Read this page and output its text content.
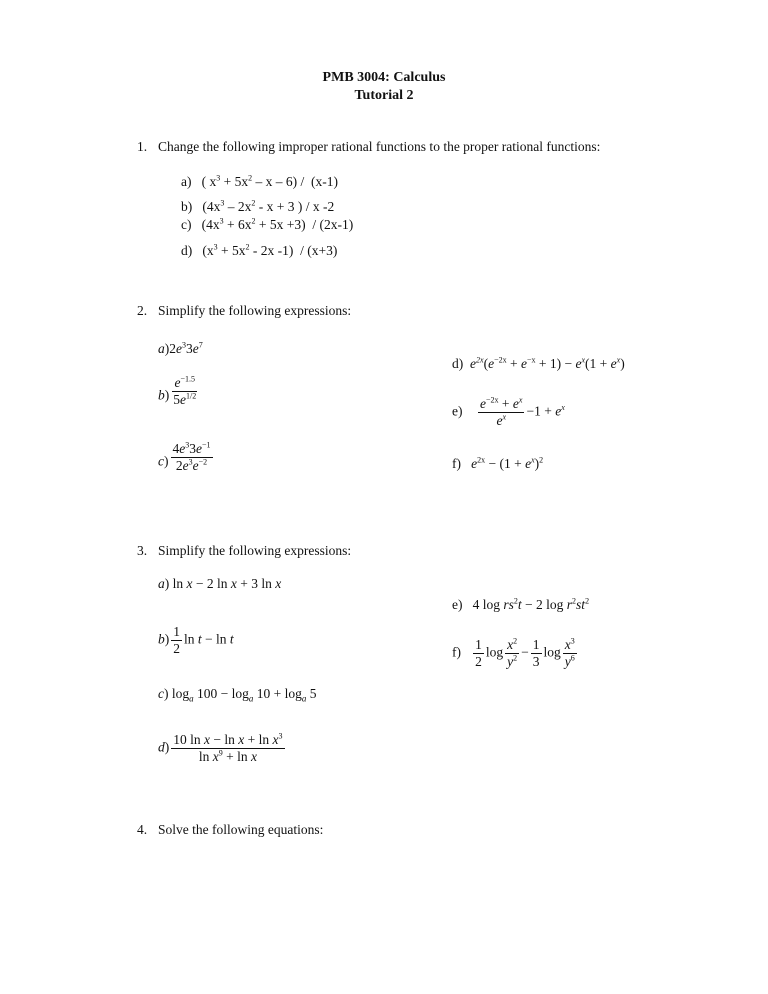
PMB 3004: Calculus
Tutorial 2
1. Change the following improper rational functions to the proper rational functions:
a) ( $x^3 + 5x^2 - x - 6) / (x-1)$
b) ($4x^3 - 2x^2 - x + 3$ ) / x -2
c) $(4x^3 + 6x^2 + 5x +3) / (2x-1)$
d) ($x^3 + 5x^2 - 2x$ -1)  / (x+3)
2. Simplify the following expressions:
$a)2e^33e^7$
$b) \frac{e^{-1.5}}{5e^{1/2}}$
$c) \frac{4e^33e^{-1}}{2e^3e^{-2}}$
d)  $e^{2x}(e^{-2x} + e^{-x} + 1) - e^x(1 + e^x)$
$e) \frac{e^{-2x} + e^x}{e^x} -1 + e^x$
f)   $e^{2x} - (1 + e^x)^2$
3. Simplify the following expressions:
a) ln x − 2 ln x + 3 ln x
$b) \frac{1}{2}$ ln t − ln t
c) $\log_a 100 - \log_a 10 + \log_a 5$
$d) \frac{10 \ln x - \ln x + \ln x^3}{\ln x^9 + \ln x}$
e)   4 $\log rs^2t - 2$ $\log r^2st^2$
$f) \frac{1}{2}$ $\log \frac{x^2}{y^2} - \frac{1}{3}$ $\log \frac{x^3}{y^6}$
4. Solve the following equations:
